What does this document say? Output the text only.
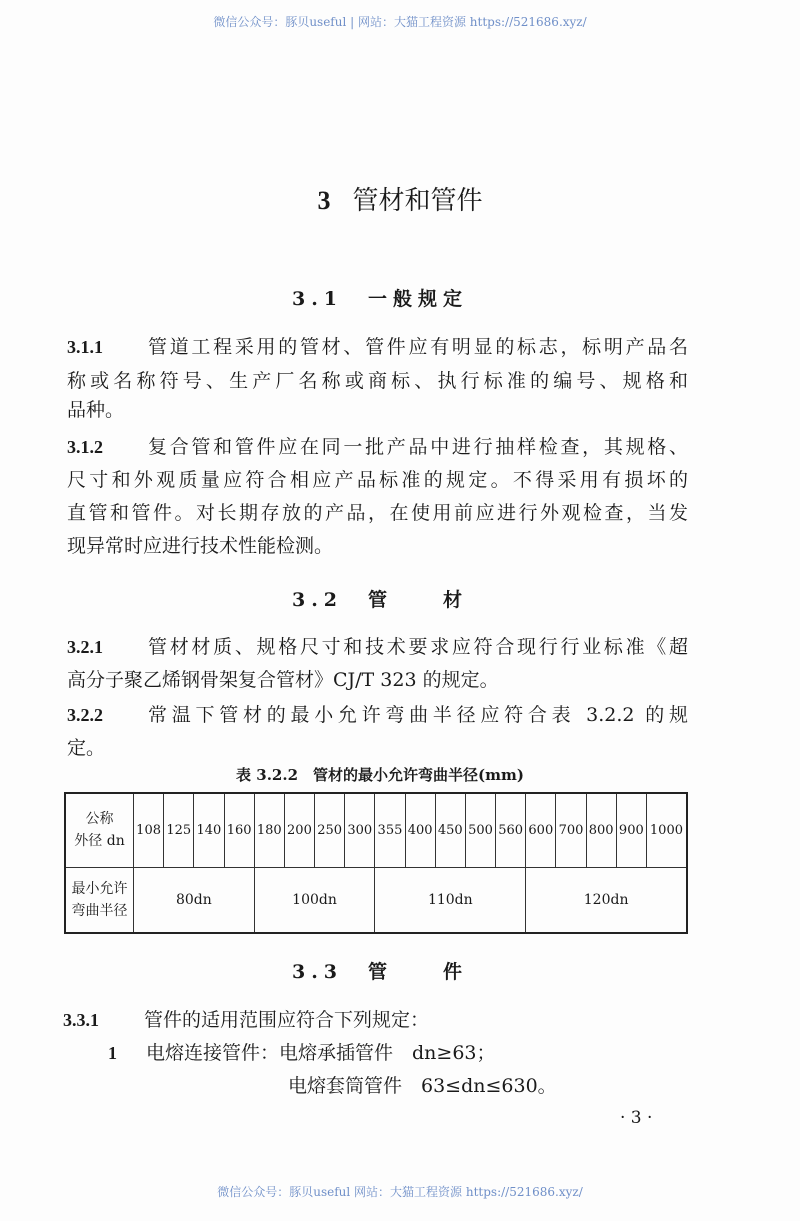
微信公众号：豚贝useful | 网站：大猫工程资源 https://521686.xyz/
3 管材和管件
3.1　一般规定
3.1.1 管道工程采用的管材、管件应有明显的标志，标明产品名
称或名称符号、生产厂名称或商标、执行标准的编号、规格和
品种。
3.1.2 复合管和管件应在同一批产品中进行抽样检查，其规格、
尺寸和外观质量应符合相应产品标准的规定。不得采用有损坏的
直管和管件。对长期存放的产品，在使用前应进行外观检查，当发
现异常时应进行技术性能检测。
3.2　管　　材
3.2.1 管材材质、规格尺寸和技术要求应符合现行行业标准《超
高分子聚乙烯钢骨架复合管材》CJ/T 323 的规定。
3.2.2 常温下管材的最小允许弯曲半径应符合表 3.2.2 的规
定。
表 3.2.2　管材的最小允许弯曲半径(mm)
公称
外径 dn	108	125	140	160	180	200	250	300	355	400	450	500	560	600	700	800	900	1000

最小允许
弯曲半径	80dn				100dn				110dn					120dn				
3.3　管　　件
3.3.1 管件的适用范围应符合下列规定：
1 电熔连接管件：电熔承插管件　dn≥63；
电熔套筒管件　63≤dn≤630。
· 3 ·
微信公众号：豚贝useful 网站：大猫工程资源 https://521686.xyz/
